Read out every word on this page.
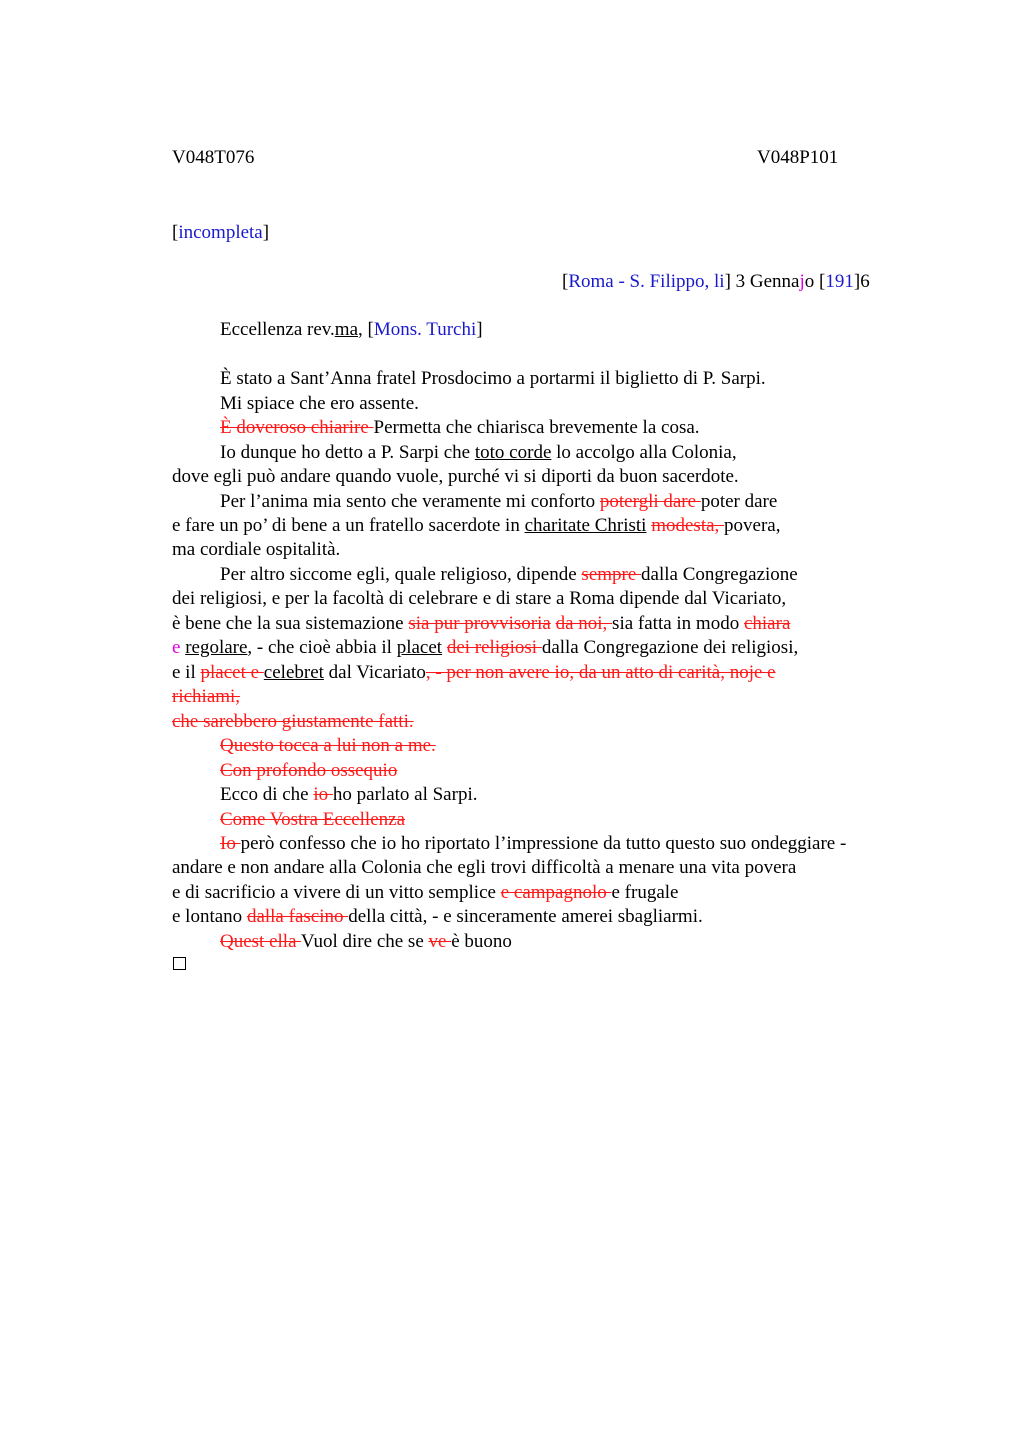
V048T076	V048P101
[incompleta]
[Roma - S. Filippo, li] 3 Gennajo [191]6
Eccellenza rev.ma, [Mons. Turchi]
È stato a Sant’Anna fratel Prosdocimo a portarmi il biglietto di P. Sarpi.
Mi spiace che ero assente.
È doveroso chiarire Permetta che chiarisca brevemente la cosa.
Io dunque ho detto a P. Sarpi che toto corde lo accolgo alla Colonia,
dove egli può andare quando vuole, purché vi si diporti da buon sacerdote.
Per l’anima mia sento che veramente mi conforto potergli dare poter dare
e fare un po’ di bene a un fratello sacerdote in charitate Christi modesta, povera,
ma cordiale ospitalità.
Per altro siccome egli, quale religioso, dipende sempre dalla Congregazione
dei religiosi, e per la facoltà di celebrare e di stare a Roma dipende dal Vicariato,
è bene che la sua sistemazione sia pur provvisoria da noi, sia fatta in modo chiara
e regolare, - che cioè abbia il placet dei religiosi dalla Congregazione dei religiosi,
e il placet e celebret dal Vicariato, - per non avere io, da un atto di carità, noje e
richiami,
che sarebbero giustamente fatti.
Questo tocca a lui non a me.
Con profondo ossequio
Ecco di che io ho parlato al Sarpi.
Come Vostra Eccellenza
Io però confesso che io ho riportato l’impressione da tutto questo suo ondeggiare -
andare e non andare alla Colonia che egli trovi difficoltà a menare una vita povera
e di sacrificio a vivere di un vitto semplice e campagnolo e frugale
e lontano dalla fascino della città, - e sinceramente amerei sbagliarmi.
Quest ella Vuol dire che se ve è buono
